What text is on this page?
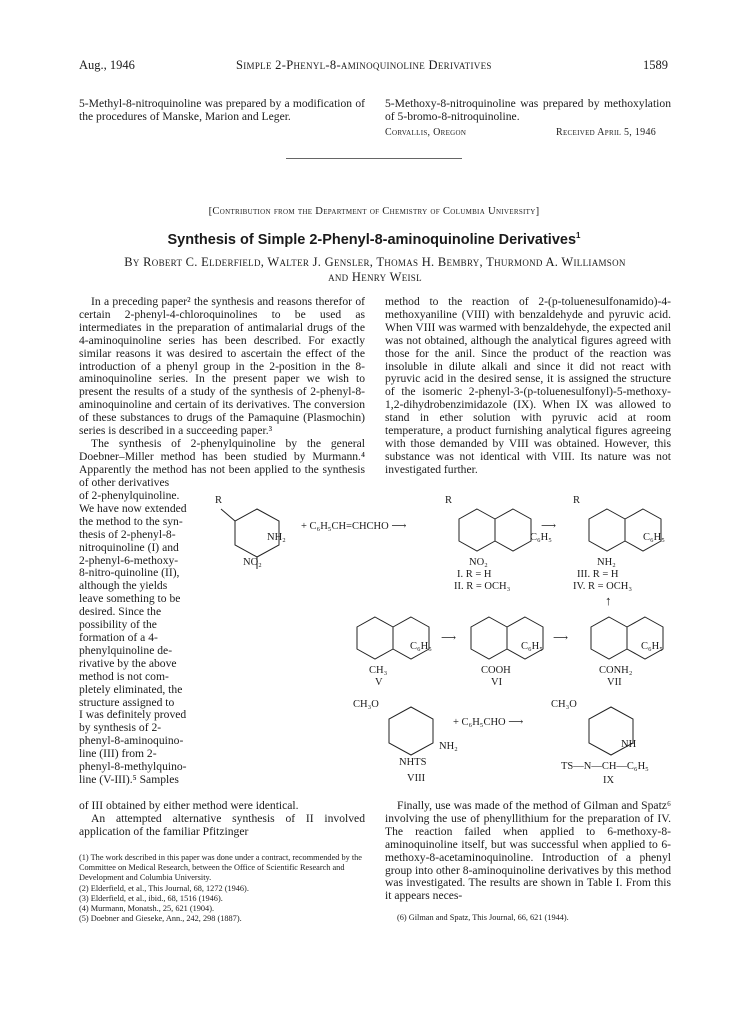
Aug., 1946	Simple 2-Phenyl-8-aminoquinoline Derivatives	1589
5-Methyl-8-nitroquinoline was prepared by a modification of the procedures of Manske, Marion and Leger.
5-Methoxy-8-nitroquinoline was prepared by methoxylation of 5-bromo-8-nitroquinoline.
Corvallis, Oregon	Received April 5, 1946
[Contribution from the Department of Chemistry of Columbia University]
Synthesis of Simple 2-Phenyl-8-aminoquinoline Derivatives$^1$
By Robert C. Elderfield, Walter J. Gensler, Thomas H. Bembry, Thurmond A. Williamson
and Henry Weisl

In a preceding paper² the synthesis and reasons therefor of certain 2-phenyl-4-chloroquinolines to be used as intermediates in the preparation of antimalarial drugs of the 4-aminoquinoline series has been described. For exactly similar reasons it was desired to ascertain the effect of the introduction of a phenyl group in the 2-position in the 8-aminoquinoline series. In the present paper we wish to present the results of a study of the synthesis of 2-phenyl-8-aminoquinoline and certain of its derivatives. The conversion of these substances to drugs of the Pamaquine (Plasmochin) series is described in a succeeding paper.³

The synthesis of 2-phenylquinoline by the general Doebner–Miller method has been studied by Murmann.⁴ Apparently the method has not been applied to the synthesis of other derivatives

of 2-phenylquinoline.
We have now extended
the method to the syn-
thesis of 2-phenyl-8-
nitroquinoline (I) and
2-phenyl-6-methoxy-
8-nitro-quinoline (II),
although the yields
leave something to be
desired. Since the
possibility of the
formation of a 4-
phenylquinoline de-
rivative by the above
method is not com-
pletely eliminated, the
structure assigned to
I was definitely proved
by synthesis of 2-
phenyl-8-aminoquino-
line (III) from 2-
phenyl-8-methylquino-
line (V-III).⁵ Samples
of III obtained by either method were identical.

An attempted alternative synthesis of II involved application of the familiar Pfitzinger

(1) The work described in this paper was done under a contract, recommended by the Committee on Medical Research, between the Office of Scientific Research and Development and Columbia University.
(2) Elderfield, et al., This Journal, 68, 1272 (1946).
(3) Elderfield, et al., ibid., 68, 1516 (1946).
(4) Murmann, Monatsh., 25, 621 (1904).
(5) Doebner and Gieseke, Ann., 242, 298 (1887).
method to the reaction of 2-(p-toluenesulfonamido)-4-methoxyaniline (VIII) with benzaldehyde and pyruvic acid. When VIII was warmed with benzaldehyde, the expected anil was not obtained, although the analytical figures agreed with those for the anil. Since the product of the reaction was insoluble in dilute alkali and since it did not react with pyruvic acid in the desired sense, it is assigned the structure of the isomeric 2-phenyl-3-(p-toluenesulfonyl)-5-methoxy-1,2-dihydrobenzimidazole (IX). When IX was allowed to stand in ether solution with pyruvic acid at room temperature, a product furnishing analytical figures agreeing with those demanded by VIII was obtained. However, this substance was not identical with VIII. Its nature was not investigated further.

Finally, use was made of the method of Gilman and Spatz⁶ involving the use of phenyllithium for the preparation of IV. The reaction failed when applied to 6-methoxy-8-aminoquinoline itself, but was successful when applied to 6-methoxy-8-acetaminoquinoline. Introduction of a phenyl group into other 8-aminoquinoline derivatives by this method was investigated. The results are shown in Table I. From this it appears neces-

(6) Gilman and Spatz, This Journal, 66, 621 (1944).
R
NH₂
NO₂
+ C₆H₅CH=CHCHO ⟶
R
C₆H₅
NO₂
I. R = H
II. R = OCH₃
⟶
R
C₆H₅
NH₂
III. R = H
IV. R = OCH₃
↑
C₆H₅
CH₃
V
⟶
C₆H₅
COOH
VI
⟶
C₆H₅
CONH₂
VII
CH₃O
NH₂
+ C₆H₅CHO ⟶
NHTS
VIII
CH₃O
NH
TS—N—CH—C₆H₅
IX
